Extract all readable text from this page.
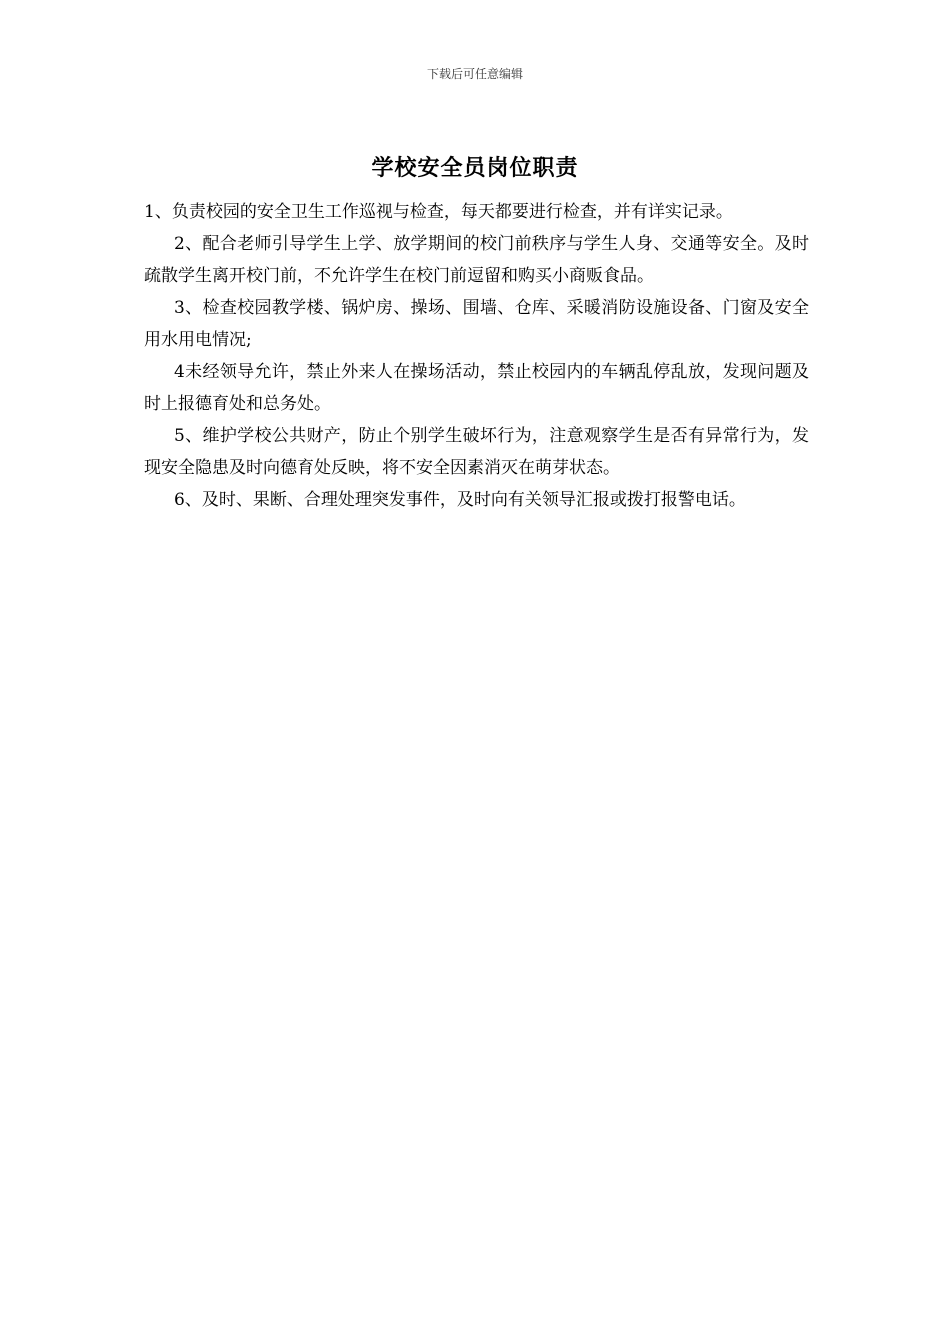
下载后可任意编辑
学校安全员岗位职责

1、负责校园的安全卫生工作巡视与检查，每天都要进行检查，并有详实记录。

2、配合老师引导学生上学、放学期间的校门前秩序与学生人身、交通等安全。及时疏散学生离开校门前，不允许学生在校门前逗留和购买小商贩食品。

3、检查校园教学楼、锅炉房、操场、围墙、仓库、采暖消防设施设备、门窗及安全用水用电情况;

4未经领导允许，禁止外来人在操场活动，禁止校园内的车辆乱停乱放，发现问题及时上报德育处和总务处。

5、维护学校公共财产，防止个别学生破坏行为，注意观察学生是否有异常行为，发现安全隐患及时向德育处反映，将不安全因素消灭在萌芽状态。

6、及时、果断、合理处理突发事件，及时向有关领导汇报或拨打报警电话。
